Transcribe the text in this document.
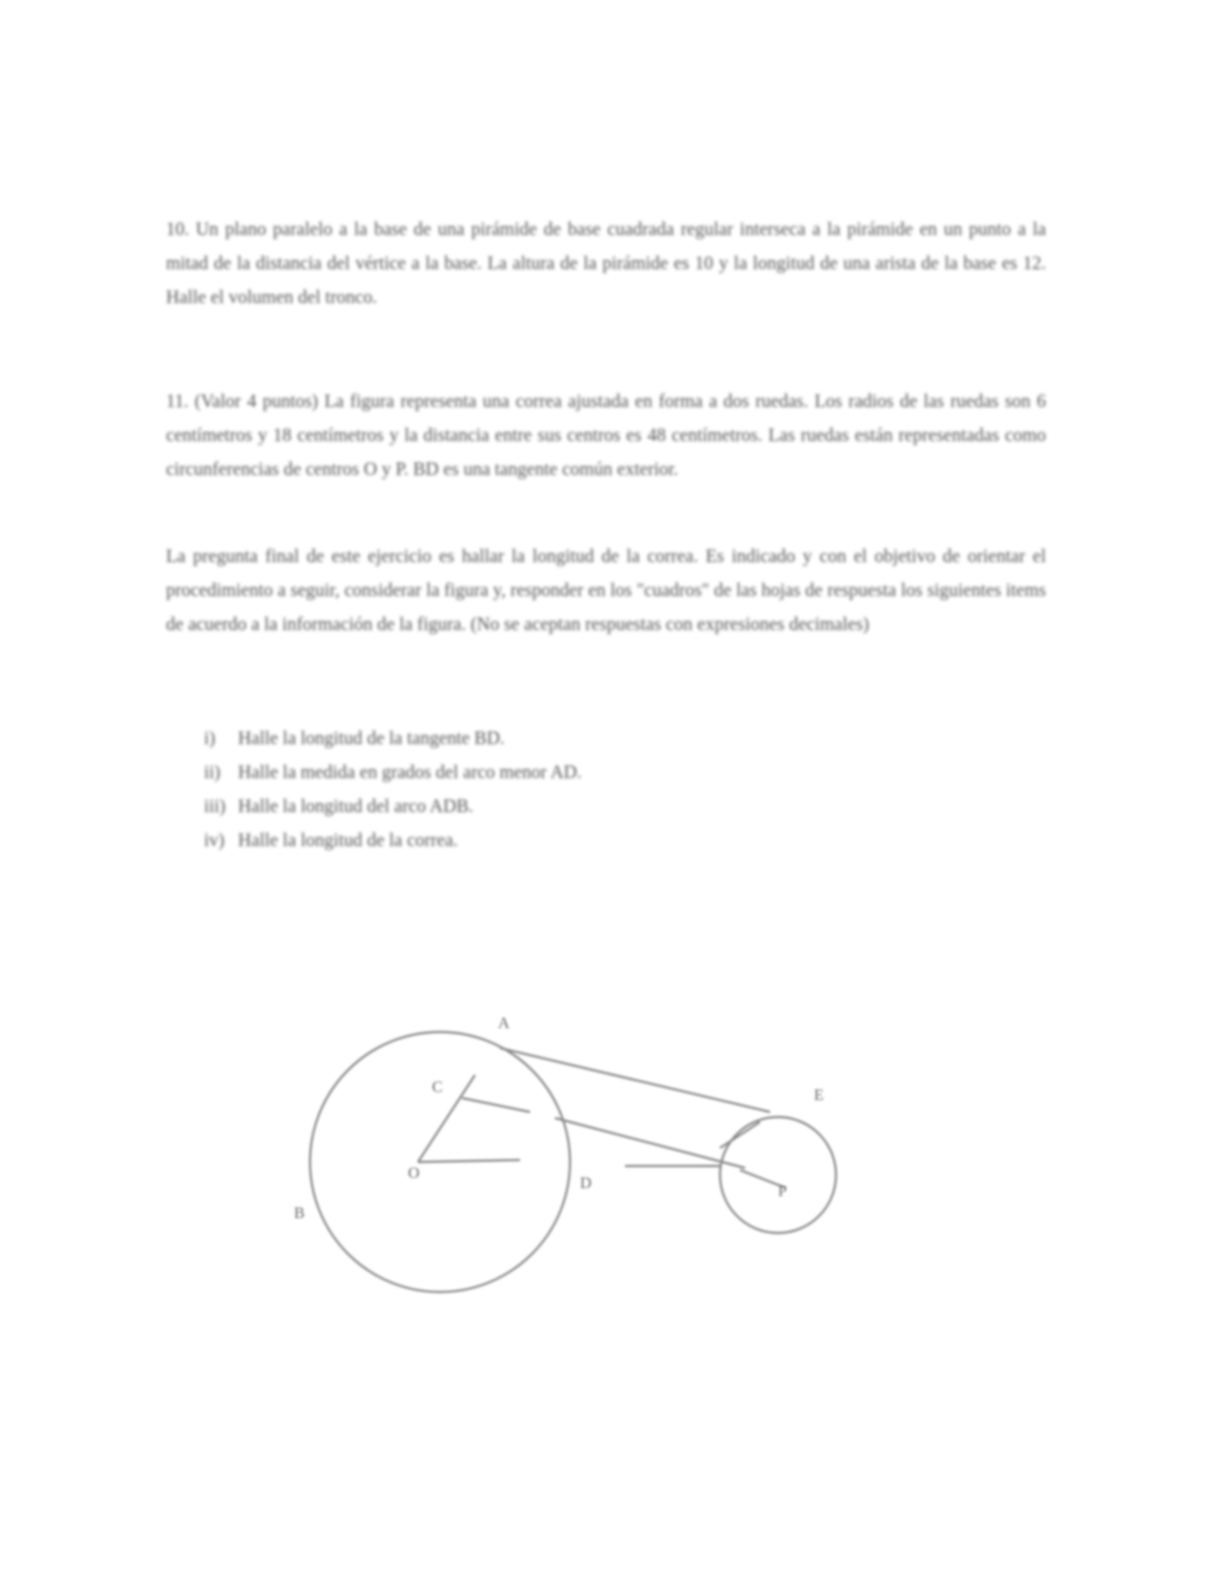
10. Un plano paralelo a la base de una pirámide de base cuadrada regular interseca a la pirámide en un punto a la mitad de la distancia del vértice a la base. La altura de la pirámide es 10 y la longitud de una arista de la base es 12. Halle el volumen del tronco.

11. (Valor 4 puntos) La figura representa una correa ajustada en forma a dos ruedas. Los radios de las ruedas son 6 centímetros y 18 centímetros y la distancia entre sus centros es 48 centímetros. Las ruedas están representadas como circunferencias de centros O y P. BD es una tangente común exterior.

La pregunta final de este ejercicio es hallar la longitud de la correa. Es indicado y con el objetivo de orientar el procedimiento a seguir, considerar la figura y, responder en los "cuadros" de las hojas de respuesta los siguientes items de acuerdo a la información de la figura. (No se aceptan respuestas con expresiones decimales)

i)	Halle la longitud de la tangente BD.
ii) Halle la medida en grados del arco menor AD.
iii) Halle la longitud del arco ADB.
iv) Halle la longitud de la correa.
A
B
C
D
O
P
E
